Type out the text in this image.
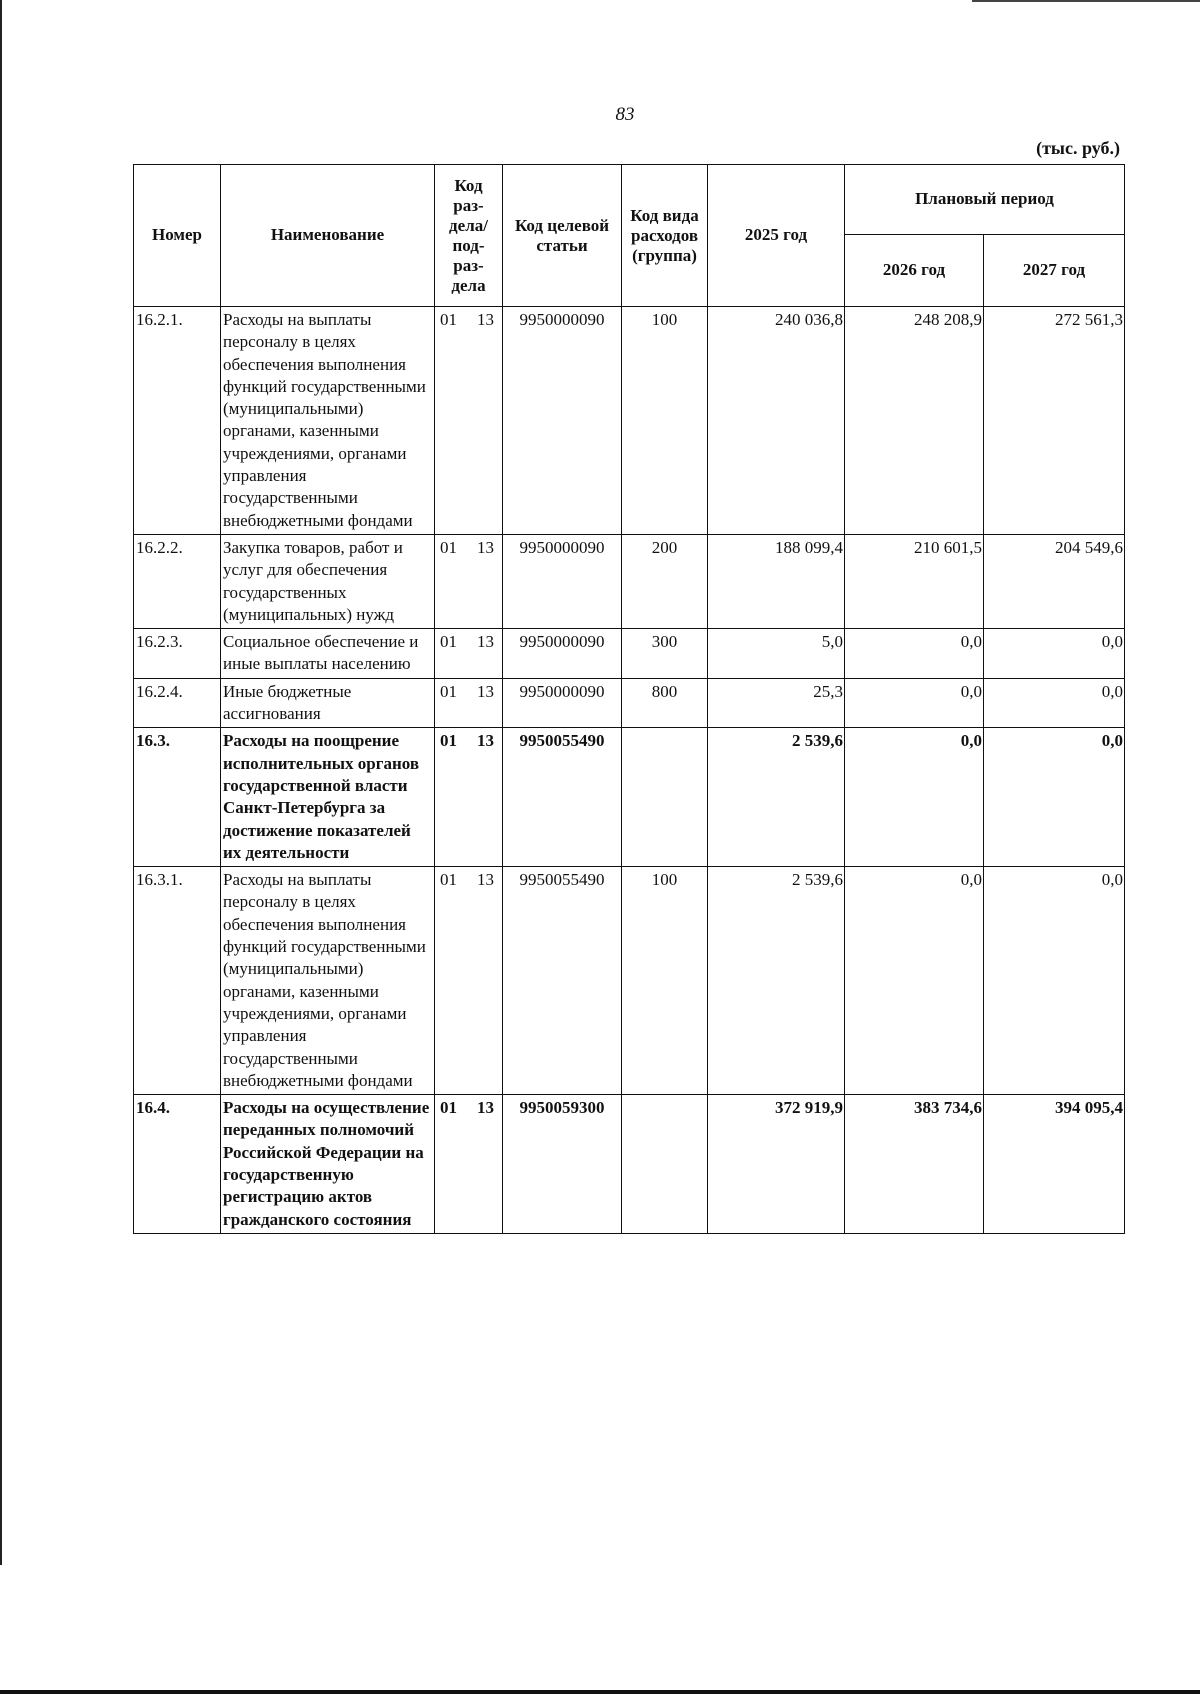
83
(тыс. руб.)
Номер	Наименование	Код раз-дела/ под-раз-дела	Код целевой статьи	Код вида расходов (группа)	2025 год	Плановый период	
						2026 год	2027 год
16.2.1.	Расходы на выплаты персоналу в целях обеспечения выполнения функций государственными (муниципальными) органами, казенными учреждениями, органами управления государственными внебюджетными фондами	01 13	9950000090	100	240 036,8	248 208,9	272 561,3
16.2.2.	Закупка товаров, работ и услуг для обеспечения государственных (муниципальных) нужд	01 13	9950000090	200	188 099,4	210 601,5	204 549,6
16.2.3.	Социальное обеспечение и иные выплаты населению	01 13	9950000090	300	5,0	0,0	0,0
16.2.4.	Иные бюджетные ассигнования	01 13	9950000090	800	25,3	0,0	0,0
16.3.	Расходы на поощрение исполнительных органов государственной власти Санкт-Петербурга за достижение показателей их деятельности	01 13	9950055490		2 539,6	0,0	0,0
16.3.1.	Расходы на выплаты персоналу в целях обеспечения выполнения функций государственными (муниципальными) органами, казенными учреждениями, органами управления государственными внебюджетными фондами	01 13	9950055490	100	2 539,6	0,0	0,0
16.4.	Расходы на осуществление переданных полномочий Российской Федерации на государственную регистрацию актов гражданского состояния	01 13	9950059300		372 919,9	383 734,6	394 095,4
